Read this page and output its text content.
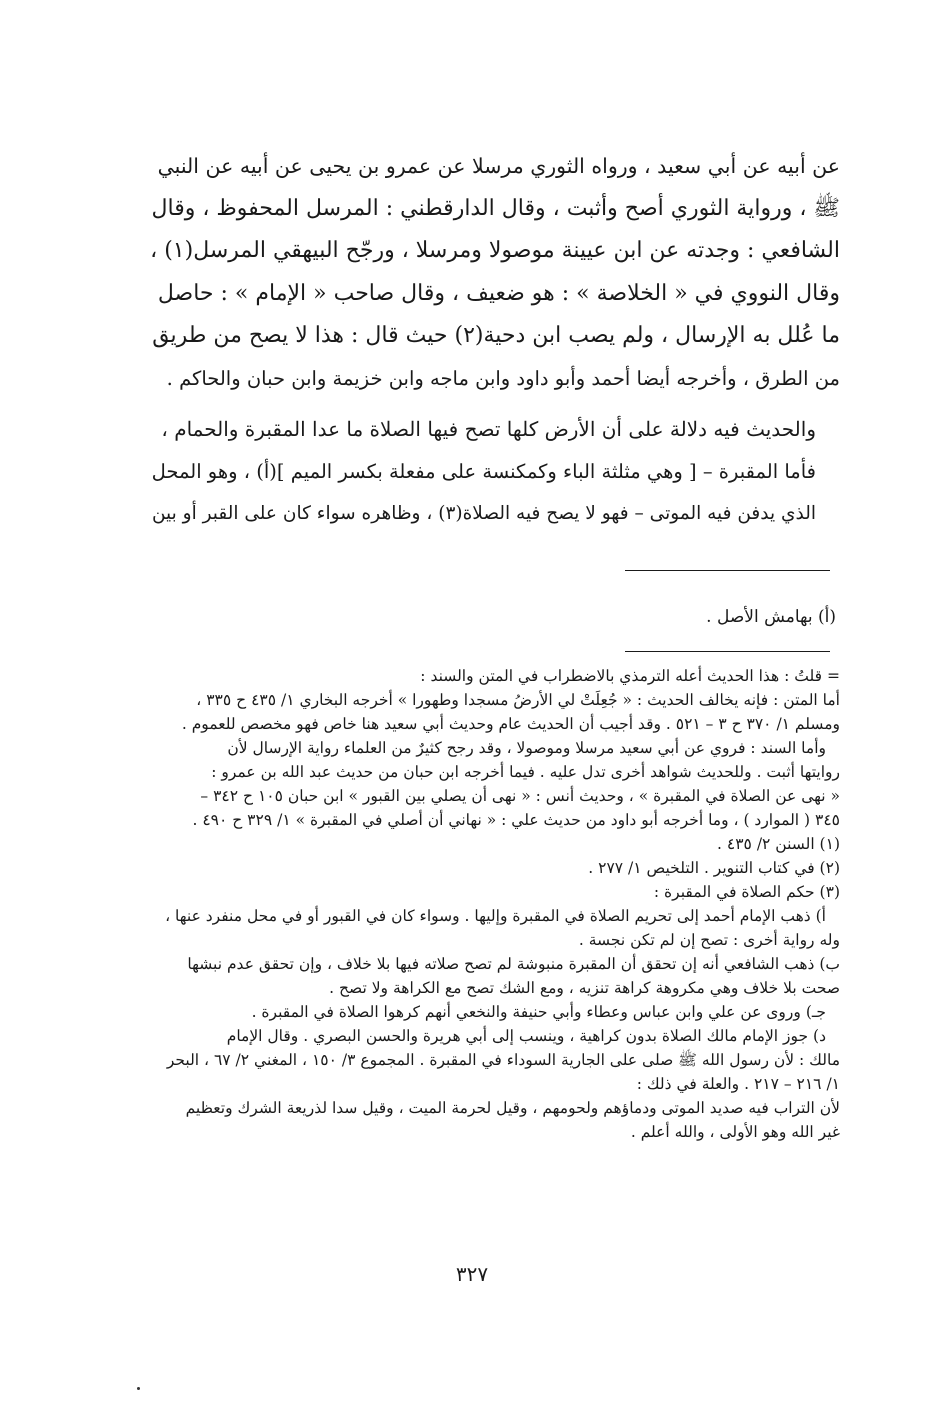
عن أبيه عن أبي سعيد ، ورواه الثوري مرسلا عن عمرو بن يحيى عن أبيه عن النبي
ﷺ ، ورواية الثوري أصح وأثبت ، وقال الدارقطني : المرسل المحفوظ ، وقال
الشافعي : وجدته عن ابن عيينة موصولا ومرسلا ، ورجّح البيهقي المرسل(١) ،
وقال النووي في « الخلاصة » : هو ضعيف ، وقال صاحب « الإمام » : حاصل
ما عُلل به الإرسال ، ولم يصب ابن دحية(٢) حيث قال : هذا لا يصح من طريق
من الطرق ، وأخرجه أيضا أحمد وأبو داود وابن ماجه وابن خزيمة وابن حبان والحاكم .

والحديث فيه دلالة على أن الأرض كلها تصح فيها الصلاة ما عدا المقبرة والحمام ،
فأما المقبرة – [ وهي مثلثة الباء وكمكنسة على مفعلة بكسر الميم ](أ) ، وهو المحل
الذي يدفن فيه الموتى – فهو لا يصح فيه الصلاة(٣) ، وظاهره سواء كان على القبر أو بين

(أ) بهامش الأصل .
= قلتُ : هذا الحديث أعله الترمذي بالاضطراب في المتن والسند :
أما المتن : فإنه يخالف الحديث : « جُعِلَتْ لي الأرضُ مسجدا وطهورا » أخرجه البخاري ١/ ٤٣٥ ح ٣٣٥ ،
ومسلم ١/ ٣٧٠ ح ٣ – ٥٢١ . وقد أجيب أن الحديث عام وحديث أبي سعيد هنا خاص فهو مخصص للعموم .
وأما السند : فروي عن أبي سعيد مرسلا وموصولا ، وقد رجح كثيرٌ من العلماء رواية الإرسال لأن
روايتها أثبت . وللحديث شواهد أخرى تدل عليه . فيما أخرجه ابن حبان من حديث عبد الله بن عمرو :
« نهى عن الصلاة في المقبرة » ، وحديث أنس : « نهى أن يصلي بين القبور » ابن حبان ١٠٥ ح ٣٤٢ –
٣٤٥ ( الموارد ) ، وما أخرجه أبو داود من حديث علي : « نهاني أن أصلي في المقبرة » ١/ ٣٢٩ ح ٤٩٠ .
(١) السنن ٢/ ٤٣٥ .
(٢) في كتاب التنوير . التلخيص ١/ ٢٧٧ .
(٣) حكم الصلاة في المقبرة :
أ) ذهب الإمام أحمد إلى تحريم الصلاة في المقبرة وإليها . وسواء كان في القبور أو في محل منفرد عنها ،
وله رواية أخرى : تصح إن لم تكن نجسة .
ب) ذهب الشافعي أنه إن تحقق أن المقبرة منبوشة لم تصح صلاته فيها بلا خلاف ، وإن تحقق عدم نبشها
صحت بلا خلاف وهي مكروهة كراهة تنزيه ، ومع الشك تصح مع الكراهة ولا تصح .
جـ) وروى عن علي وابن عباس وعطاء وأبي حنيفة والنخعي أنهم كرهوا الصلاة في المقبرة .
د) جوز الإمام مالك الصلاة بدون كراهية ، وينسب إلى أبي هريرة والحسن البصري . وقال الإمام
مالك : لأن رسول الله ﷺ صلى على الجارية السوداء في المقبرة . المجموع ٣/ ١٥٠ ، المغني ٢/ ٦٧ ، البحر
١/ ٢١٦ – ٢١٧ . والعلة في ذلك :
لأن التراب فيه صديد الموتى ودماؤهم ولحومهم ، وقيل لحرمة الميت ، وقيل سدا لذريعة الشرك وتعظيم
غير الله وهو الأولى ، والله أعلم .
٣٢٧
